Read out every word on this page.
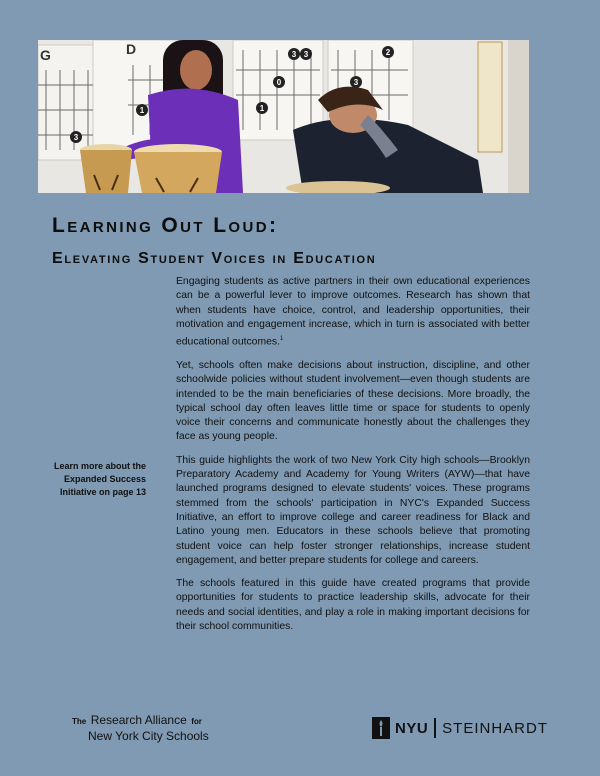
G	D
3
1
3 3
0
1
2
3
Learning Out Loud:
Elevating Student Voices in Education
Learn more about the Expanded Success Initiative on page 13

Engaging students as active partners in their own educational experiences can be a powerful lever to improve outcomes. Research has shown that when students have choice, control, and leadership opportunities, their motivation and engagement increase, which in turn is associated with better educational outcomes.$^1$

Yet, schools often make decisions about instruction, discipline, and other schoolwide policies without student involvement—even though students are intended to be the main beneficiaries of these decisions. More broadly, the typical school day often leaves little time or space for students to openly voice their concerns and communicate honestly about the challenges they face as young people.

This guide highlights the work of two New York City high schools—Brooklyn Preparatory Academy and Academy for Young Writers (AYW)—that have launched programs designed to elevate students' voices. These programs stemmed from the schools' participation in NYC's Expanded Success Initiative, an effort to improve college and career readiness for Black and Latino young men. Educators in these schools believe that promoting student voice can help foster stronger relationships, increase student engagement, and better prepare students for college and careers.

The schools featured in this guide have created programs that provide opportunities for students to practice leadership skills, advocate for their needs and social identities, and play a role in making important decisions for their school communities.

The Research Alliance for
New York City Schools	NYU STEINHARDT
